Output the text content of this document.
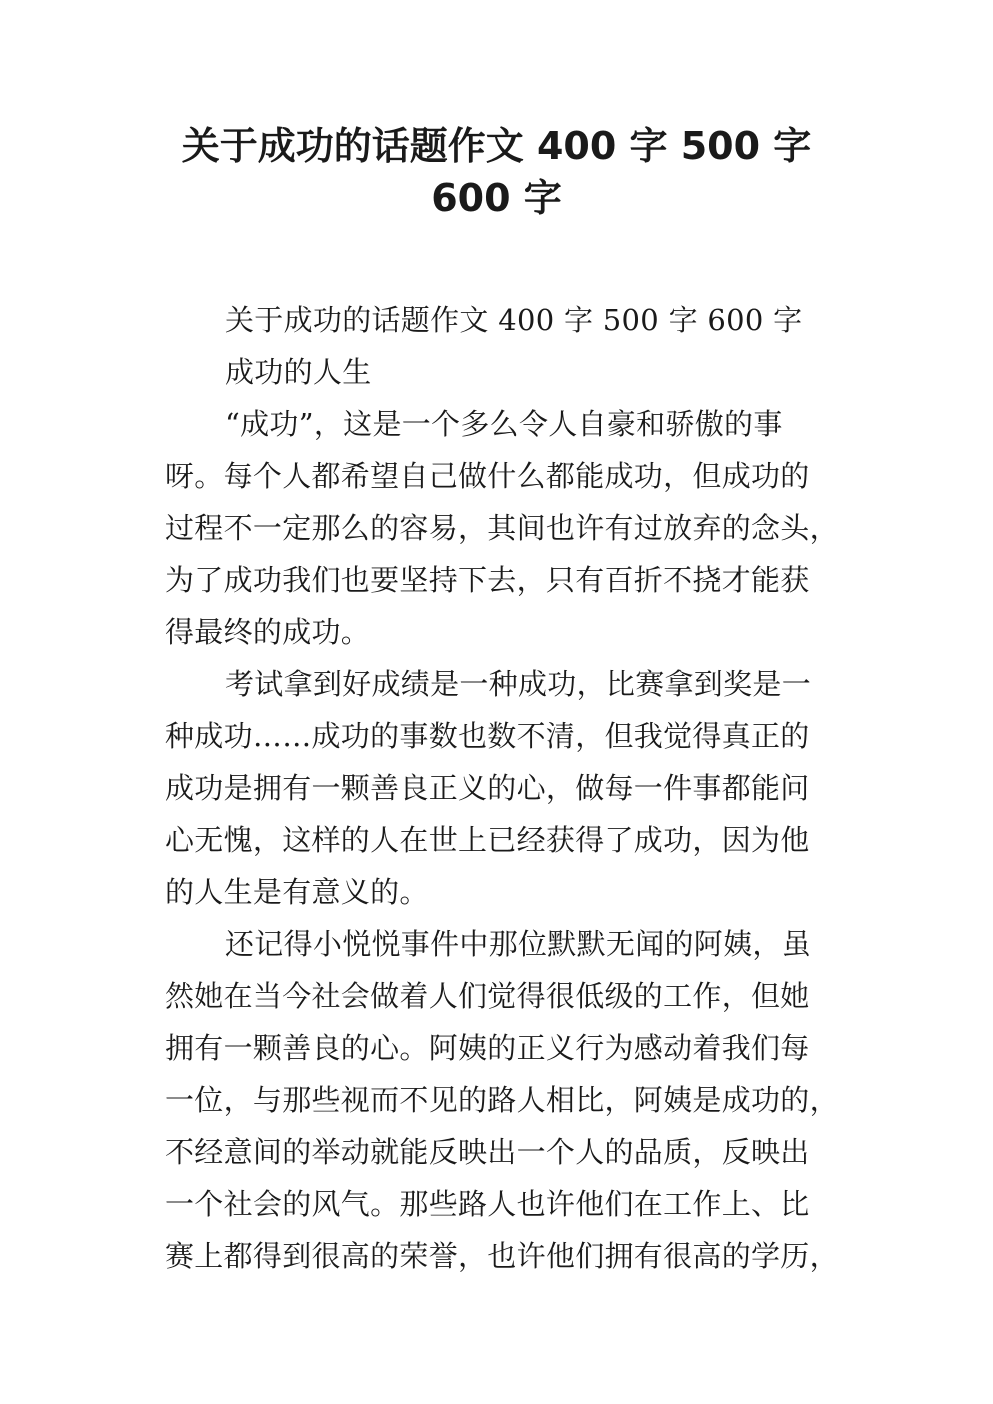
关于成功的话题作文 400 字 500 字
600 字

关于成功的话题作文 400 字 500 字 600 字

成功的人生

“成功”，这是一个多么令人自豪和骄傲的事

呀。每个人都希望自己做什么都能成功，但成功的

过程不一定那么的容易，其间也许有过放弃的念头，

为了成功我们也要坚持下去，只有百折不挠才能获

得最终的成功。

考试拿到好成绩是一种成功，比赛拿到奖是一

种成功……成功的事数也数不清，但我觉得真正的

成功是拥有一颗善良正义的心，做每一件事都能问

心无愧，这样的人在世上已经获得了成功，因为他

的人生是有意义的。

还记得小悦悦事件中那位默默无闻的阿姨，虽

然她在当今社会做着人们觉得很低级的工作，但她

拥有一颗善良的心。阿姨的正义行为感动着我们每

一位，与那些视而不见的路人相比，阿姨是成功的，

不经意间的举动就能反映出一个人的品质，反映出

一个社会的风气。那些路人也许他们在工作上、比

赛上都得到很高的荣誉，也许他们拥有很高的学历，
